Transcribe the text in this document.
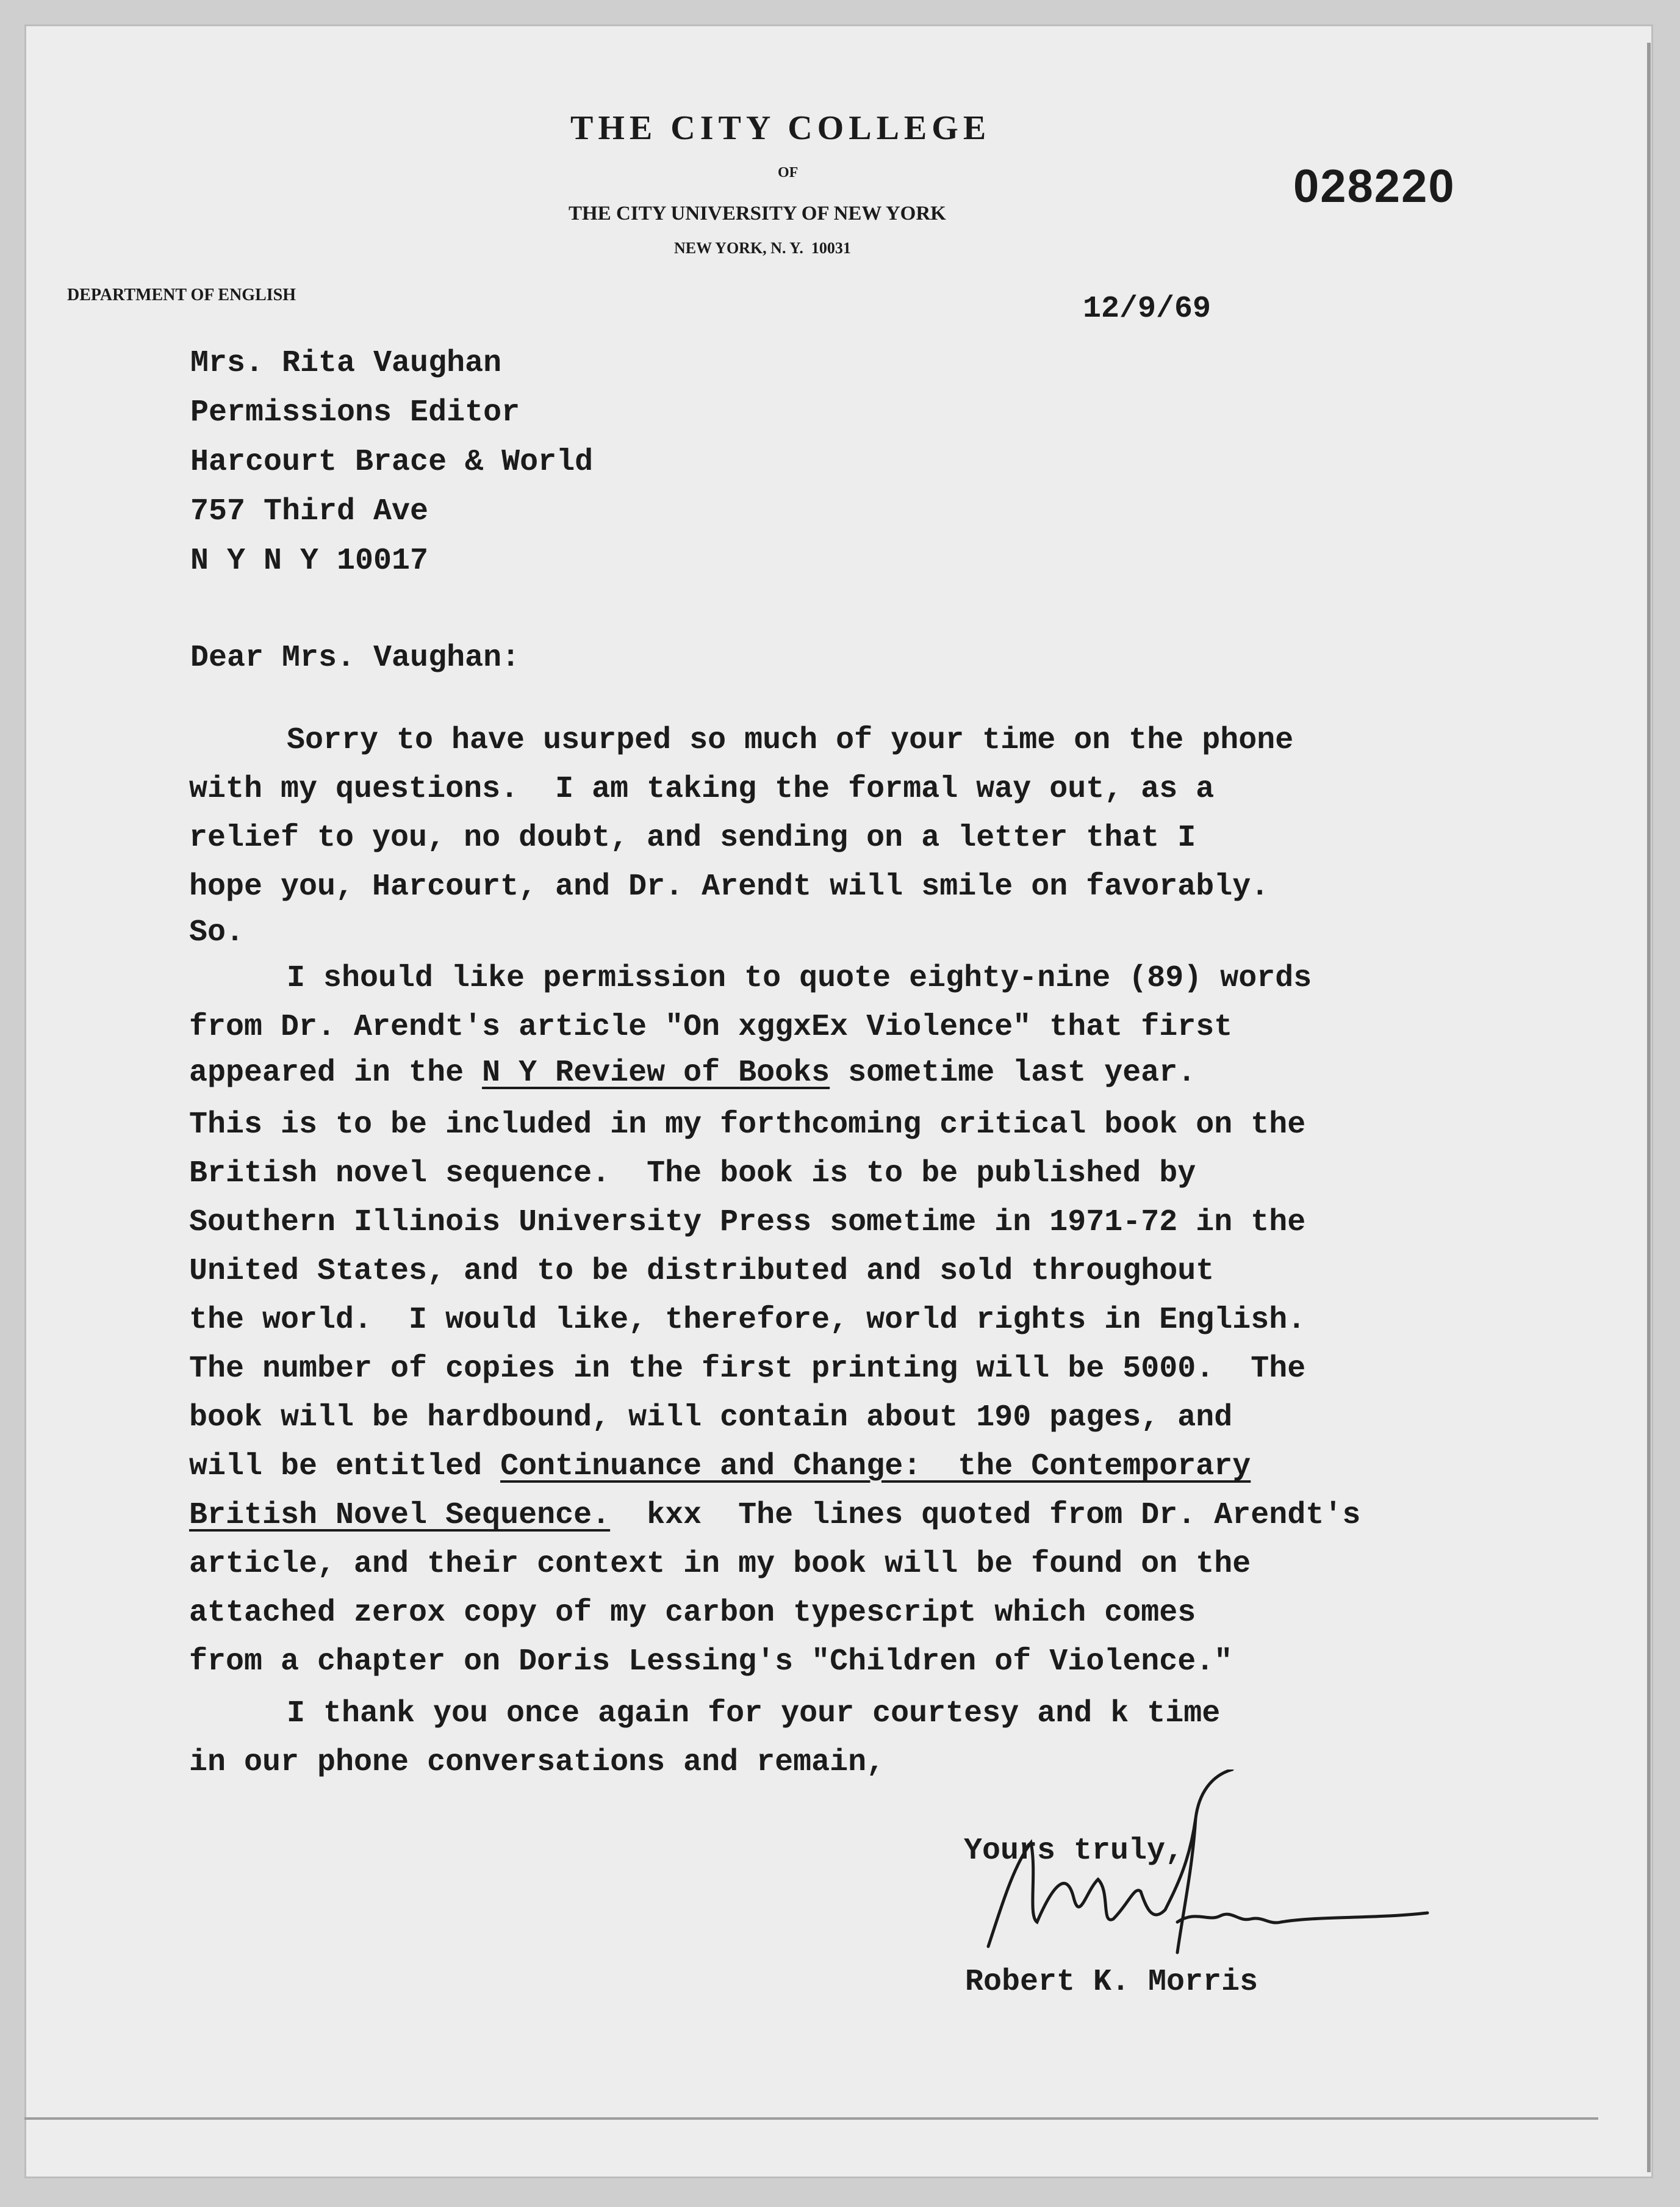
THE CITY COLLEGE
OF
THE CITY UNIVERSITY OF NEW YORK
NEW YORK, N. Y.  10031
DEPARTMENT OF ENGLISH
028220
12/9/69
Mrs. Rita Vaughan
Permissions Editor
Harcourt Brace & World
757 Third Ave
N Y N Y 10017
Dear Mrs. Vaughan:
Sorry to have usurped so much of your time on the phone
with my questions.  I am taking the formal way out, as a
relief to you, no doubt, and sending on a letter that I
hope you, Harcourt, and Dr. Arendt will smile on favorably.
So.
I should like permission to quote eighty-nine (89) words
from Dr. Arendt's article "On xggxEx Violence" that first
appeared in the N Y Review of Books sometime last year.
This is to be included in my forthcoming critical book on the
British novel sequence.  The book is to be published by
Southern Illinois University Press sometime in 1971-72 in the
United States, and to be distributed and sold throughout
the world.  I would like, therefore, world rights in English.
The number of copies in the first printing will be 5000.  The
book will be hardbound, will contain about 190 pages, and
will be entitled Continuance and Change:  the Contemporary
British Novel Sequence. kxx  The lines quoted from Dr. Arendt's
article, and their context in my book will be found on the
attached zerox copy of my carbon typescript which comes
from a chapter on Doris Lessing's "Children of Violence."
I thank you once again for your courtesy and k time
in our phone conversations and remain,
Yours truly,
Robert K. Morris
